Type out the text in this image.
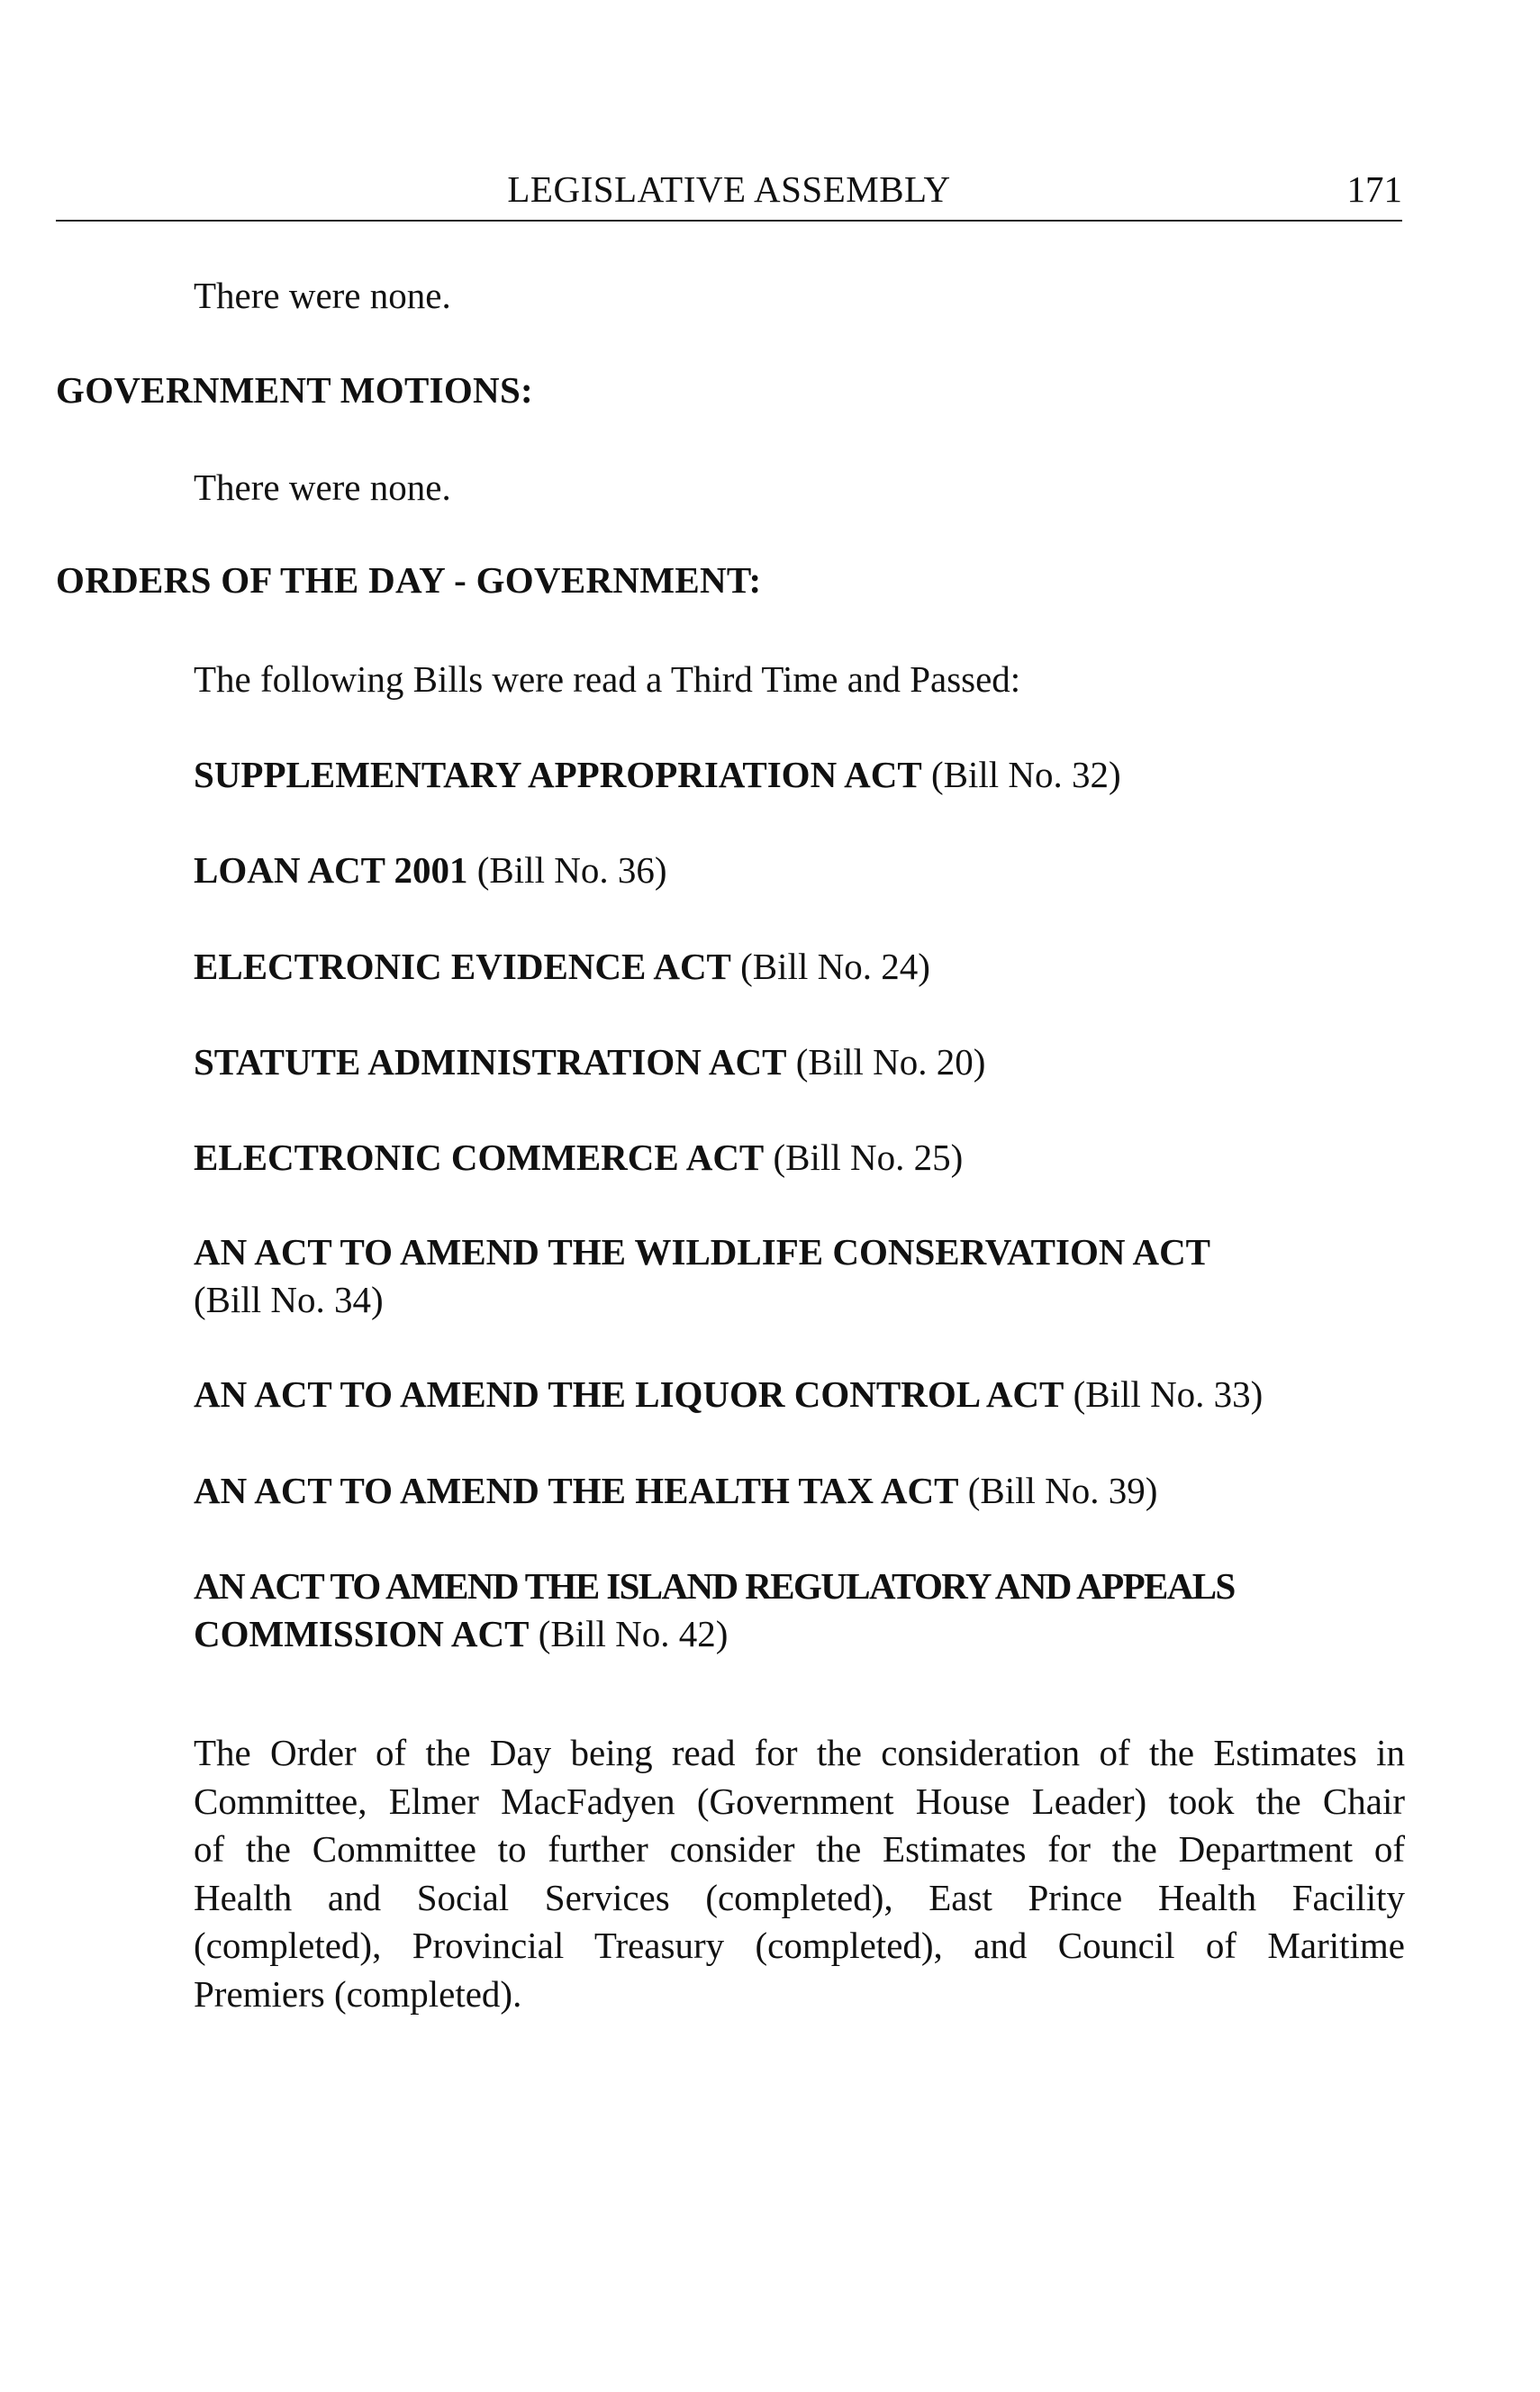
LEGISLATIVE ASSEMBLY	171
There were none.
GOVERNMENT MOTIONS:
There were none.
ORDERS OF THE DAY - GOVERNMENT:
The following Bills were read a Third Time and Passed:
SUPPLEMENTARY APPROPRIATION ACT (Bill No. 32)
LOAN ACT 2001 (Bill No. 36)
ELECTRONIC EVIDENCE ACT (Bill No. 24)
STATUTE ADMINISTRATION ACT (Bill No. 20)
ELECTRONIC COMMERCE ACT (Bill No. 25)
AN ACT TO AMEND THE WILDLIFE CONSERVATION ACT
(Bill No. 34)
AN ACT TO AMEND THE LIQUOR CONTROL ACT (Bill No. 33)
AN ACT TO AMEND THE HEALTH TAX ACT (Bill No. 39)
AN ACT TO AMEND THE ISLAND REGULATORY AND APPEALS
COMMISSION ACT (Bill No. 42)
The Order of the Day being read for the consideration of the Estimates in
Committee, Elmer MacFadyen (Government House Leader) took the Chair
of the Committee to further consider the Estimates for the Department of
Health and Social Services (completed), East Prince Health Facility
(completed), Provincial Treasury (completed), and Council of Maritime
Premiers (completed).
